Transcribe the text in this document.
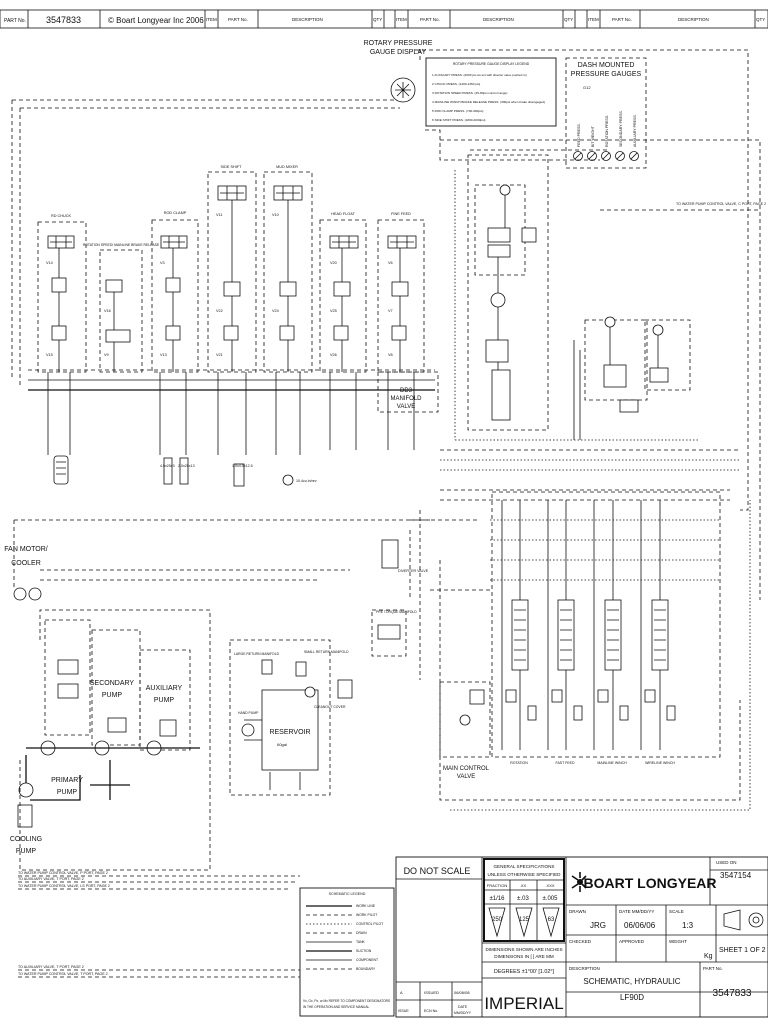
PART No. 3547833	© Boart Longyear Inc 2006 ITEM	PART No.	DESCRIPTION	QTY	ITEM	PART No.	DESCRIPTION	QTY	ITEM	PART No.	DESCRIPTION	QTY
ROTARY PRESSURE
GAUGE DISPLAY
ROTARY PRESSURE GAUGE DISPLAY LEGEND
1 AUXILIARY PRESS. (2000 psi at rest with diverter valve pushed in)
2 CHUCK PRESS. (1400-1450 psi)
3 ROTATION SPEED PRESS. (45-80psi control range)
4 MAINLINE WINCH BRAKE RELEASE PRESS. (300psi when brake disengaged)
5 ROD CLAMP PRESS. (700-900psi)
6 SIDE SHIFT PRESS. (1800-2000psi)
DASH MOUNTED
PRESSURE GAUGES
G12
FEED PRESS.	BIT WEIGHT	ROTATION PRESS.	SECONDARY PRESS.	AUXILIARY PRESS.
RD CHUCK
ROTATION SPEED/ MAINLINE BRAKE RELEASE
ROD CLAMP
SIDE SHIFT	MUD MIXER
HEAD FLOAT	FINE FEED
V14
V15
V16
V9
V3
V13
V11
V22
V21
V10
V24
V20
V25
V26
V6
V7
V8
DD3
MANIFOLD
VALVE
4.5x25x3 2.0x25x13	1.0x4.0x12.5
10.4cu.in/rev
ROTATION	FAST FEED	MAINLINE WINCH	WIRELINE WINCH
DIVERTER VALVE
PRE TORQUE MANIFOLD
MAIN CONTROL
VALVE
RESERVOIR
60gal
LARGE RETURN MANIFOLD	SMALL RETURN MANIFOLD
HAND PUMP
CLEANOUT COVER
FAN MOTOR/
COOLER
SECONDARY
PUMP
AUXILIARY
PUMP
PRIMARY
PUMP
COOLING
PUMP
TO WATER PUMP CONTROL VALVE, C PORT, PAGE 2
TO WATER PUMP CONTROL VALVE, P PORT, PAGE 2
TO AUXILIARY VALVE, T PORT, PAGE 2
TO WATER PUMP CONTROL VALVE, LS PORT, PAGE 2
TO AUXILIARY VALVE, T PORT, PAGE 2
TO WATER PUMP CONTROL VALVE, T PORT, PAGE 2
SCHEMATIC LEGEND
WORK LINE
WORK PILOT
CONTROL PILOT
DRAIN
TANK
SUCTION
COMPONENT
BOUNDARY
Vx, Gx, Px, or Mx REFER TO COMPONENT DESIGNATORS
IN THE OPERATION AND SERVICE MANUAL
DO NOT SCALE
A	ISSUED	06/06/08
ISSUE	ECN No.
DATE
MM/DD/YY
GENERAL SPECIFICATIONS
UNLESS OTHERWISE SPECIFIED
FRACTION	.XX	.XXX
±1/16 ±.03 ±.005
250	125	63
DIMENSIONS SHOWN ARE INCHES
DIMENSIONS IN [ ] ARE MM
DEGREES ±1°00' [1.02°]
IMPERIAL
BOART LONGYEAR
USED ON
3547154
DRAWN
JRG
DATE MM/DD/YY
06/06/06
SCALE
1:3
CHECKED	APPROVED	WEIGHT
Kg
SHEET 1 OF 2
DESCRIPTION
SCHEMATIC, HYDRAULIC
LF90D
PART No.
3547833
